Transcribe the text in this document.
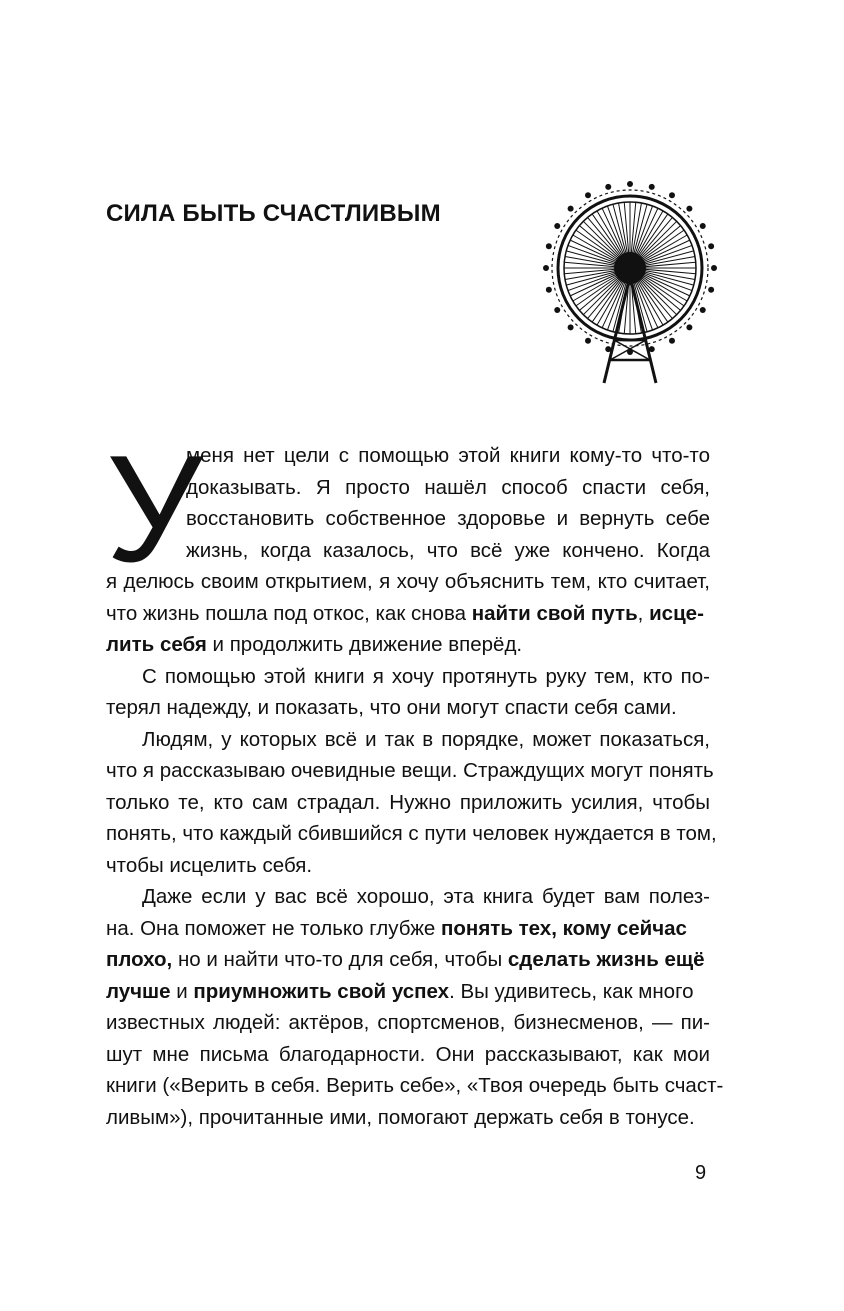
СИЛА БЫТЬ СЧАСТЛИВЫМ
У
меня нет цели с помощью этой книги кому-то что-то
доказывать. Я просто нашёл способ спасти себя,
восстановить собственное здоровье и вернуть себе
жизнь, когда казалось, что всё уже кончено. Когда
я делюсь своим открытием, я хочу объяснить тем, кто считает,
что жизнь пошла под откос, как снова найти свой путь, исце-
лить себя и продолжить движение вперёд.
С помощью этой книги я хочу протянуть руку тем, кто по-
терял надежду, и показать, что они могут спасти себя сами.
Людям, у которых всё и так в порядке, может показаться,
что я рассказываю очевидные вещи. Страждущих могут понять
только те, кто сам страдал. Нужно приложить усилия, чтобы
понять, что каждый сбившийся с пути человек нуждается в том,
чтобы исцелить себя.
Даже если у вас всё хорошо, эта книга будет вам полез-
на. Она поможет не только глубже понять тех, кому сейчас
плохо, но и найти что-то для себя, чтобы сделать жизнь ещё
лучше и приумножить свой успех. Вы удивитесь, как много
известных людей: актёров, спортсменов, бизнесменов, — пи-
шут мне письма благодарности. Они рассказывают, как мои
книги («Верить в себя. Верить себе», «Твоя очередь быть счаст-
ливым»), прочитанные ими, помогают держать себя в тонусе.
9
